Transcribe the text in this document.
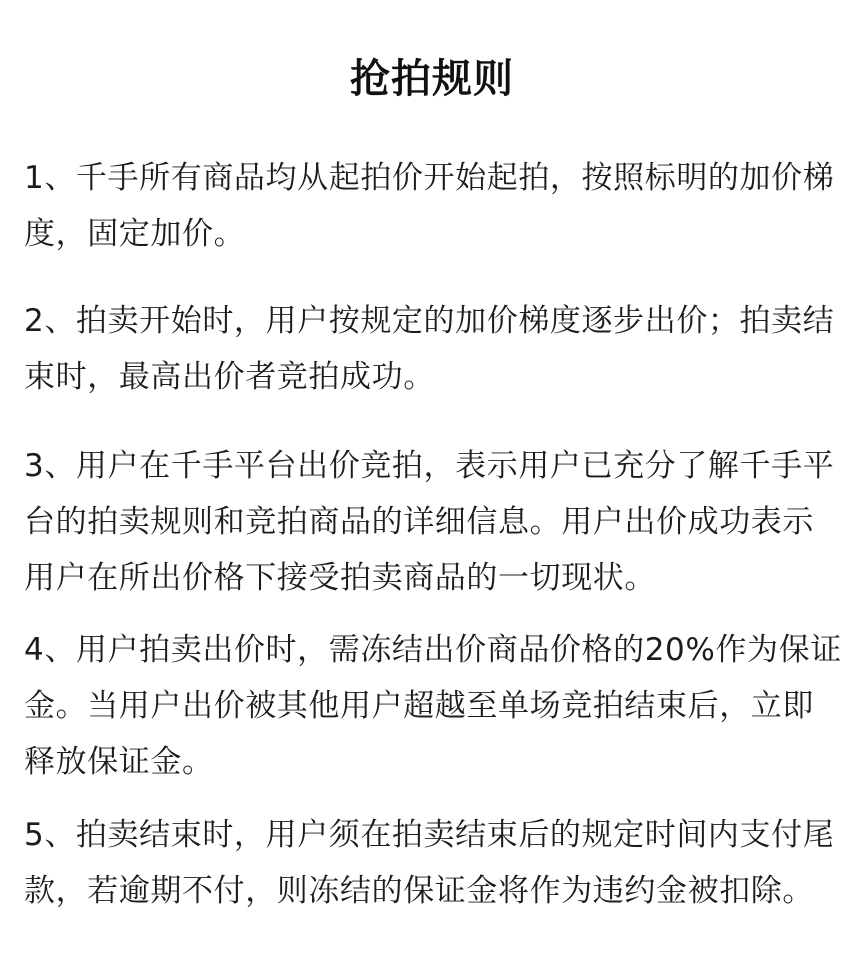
抢拍规则

1、千手所有商品均从起拍价开始起拍，按照标明的加价梯度，固定加价。

2、拍卖开始时，用户按规定的加价梯度逐步出价；拍卖结束时，最高出价者竞拍成功。

3、用户在千手平台出价竞拍，表示用户已充分了解千手平台的拍卖规则和竞拍商品的详细信息。用户出价成功表示用户在所出价格下接受拍卖商品的一切现状。

4、用户拍卖出价时，需冻结出价商品价格的20%作为保证金。当用户出价被其他用户超越至单场竞拍结束后，立即释放保证金。

5、拍卖结束时，用户须在拍卖结束后的规定时间内支付尾款，若逾期不付，则冻结的保证金将作为违约金被扣除。
